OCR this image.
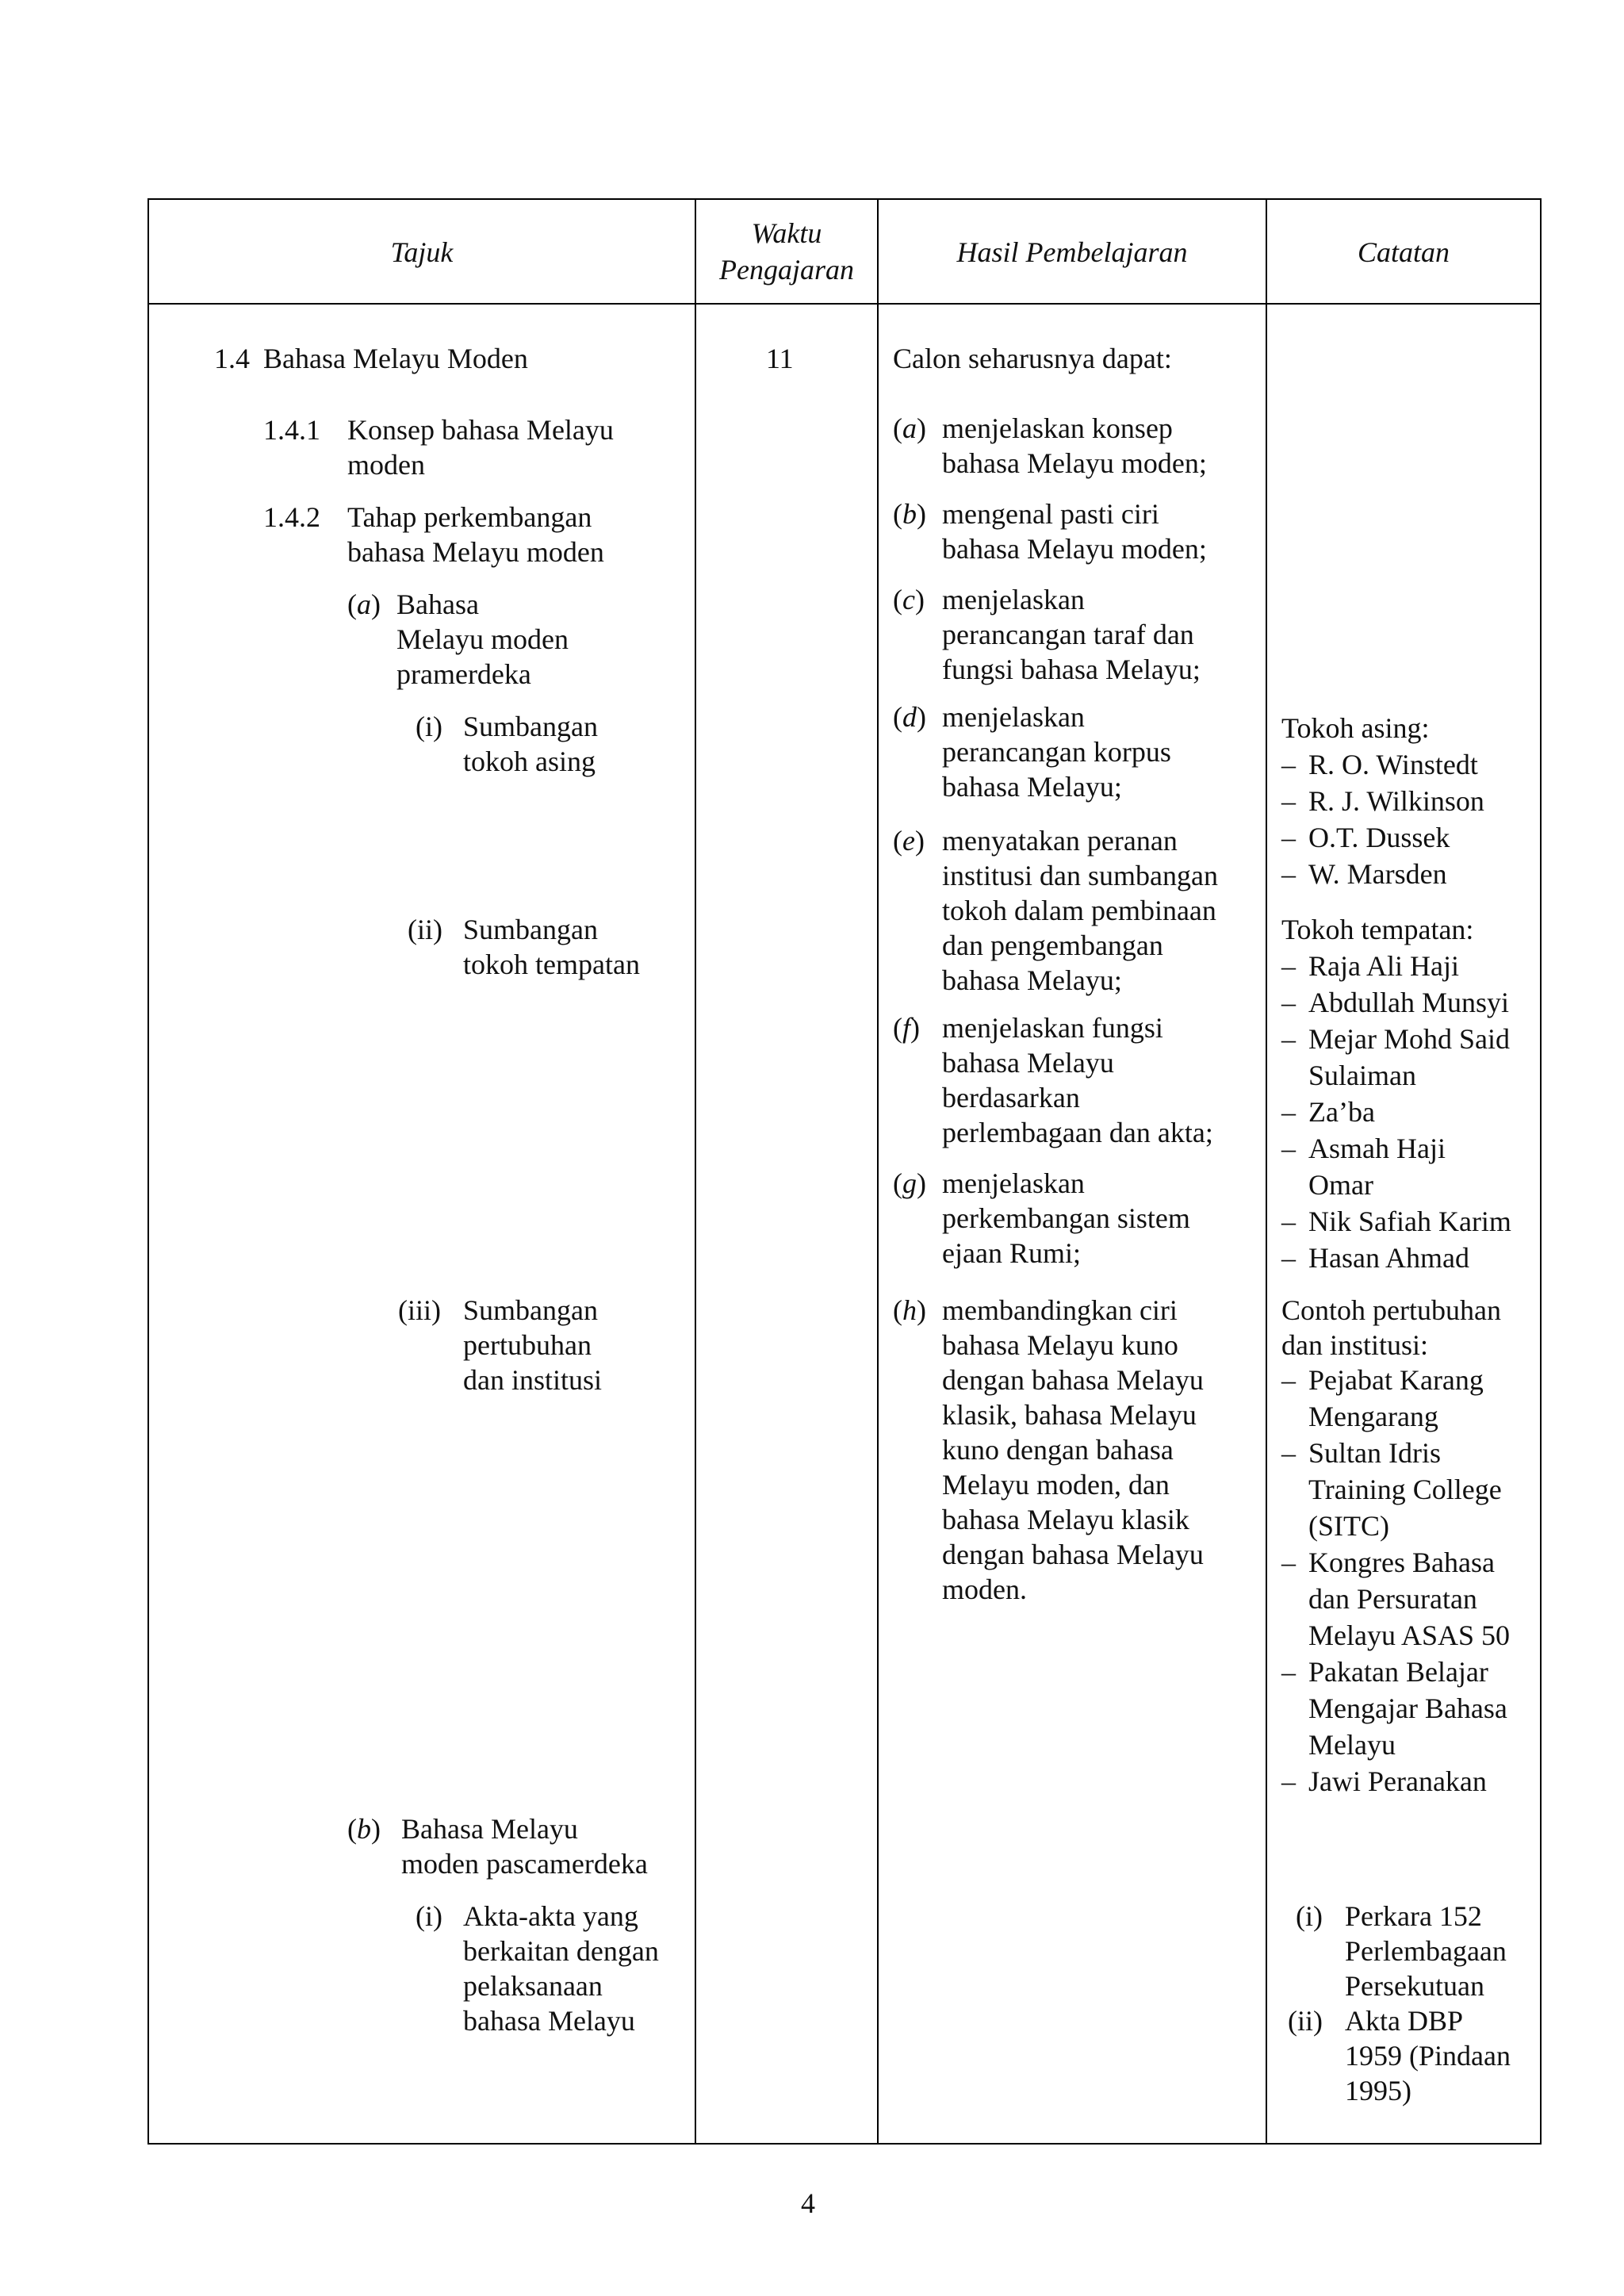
Tajuk
Waktu
Pengajaran
Hasil Pembelajaran	Catatan
1.4 Bahasa Melayu Moden
1.4.1 Konsep bahasa Melayu
moden
1.4.2 Tahap perkembangan
bahasa Melayu moden
(a) Bahasa
Melayu moden
pramerdeka
(i) Sumbangan
tokoh asing
(ii) Sumbangan
tokoh tempatan
(iii) Sumbangan
pertubuhan
dan institusi
(b) Bahasa Melayu
moden pascamerdeka
(i) Akta-akta yang
berkaitan dengan
pelaksanaan
bahasa Melayu
11	Calon seharusnya dapat:
(a) menjelaskan konsep
bahasa Melayu moden;
(b) mengenal pasti ciri
bahasa Melayu moden;
(c) menjelaskan
perancangan taraf dan
fungsi bahasa Melayu;
(d) menjelaskan
perancangan korpus
bahasa Melayu;
(e) menyatakan peranan
institusi dan sumbangan
tokoh dalam pembinaan
dan pengembangan
bahasa Melayu;
(f) menjelaskan fungsi
bahasa Melayu
berdasarkan
perlembagaan dan akta;
(g) menjelaskan
perkembangan sistem
ejaan Rumi;
(h) membandingkan ciri
bahasa Melayu kuno
dengan bahasa Melayu
klasik, bahasa Melayu
kuno dengan bahasa
Melayu moden, dan
bahasa Melayu klasik
dengan bahasa Melayu
moden.
Tokoh asing:
– R. O. Winstedt
– R. J. Wilkinson
– O.T. Dussek
– W. Marsden
Tokoh tempatan:
– Raja Ali Haji
– Abdullah Munsyi
– Mejar Mohd Said
Sulaiman
– Za’ba
– Asmah Haji
Omar
– Nik Safiah Karim
– Hasan Ahmad
Contoh pertubuhan
dan institusi:
– Pejabat Karang
Mengarang
– Sultan Idris
Training College
(SITC)
– Kongres Bahasa
dan Persuratan
Melayu ASAS 50
– Pakatan Belajar
Mengajar Bahasa
Melayu
– Jawi Peranakan
(i) Perkara 152
Perlembagaan
Persekutuan
(ii) Akta DBP
1959 (Pindaan
1995)
4
